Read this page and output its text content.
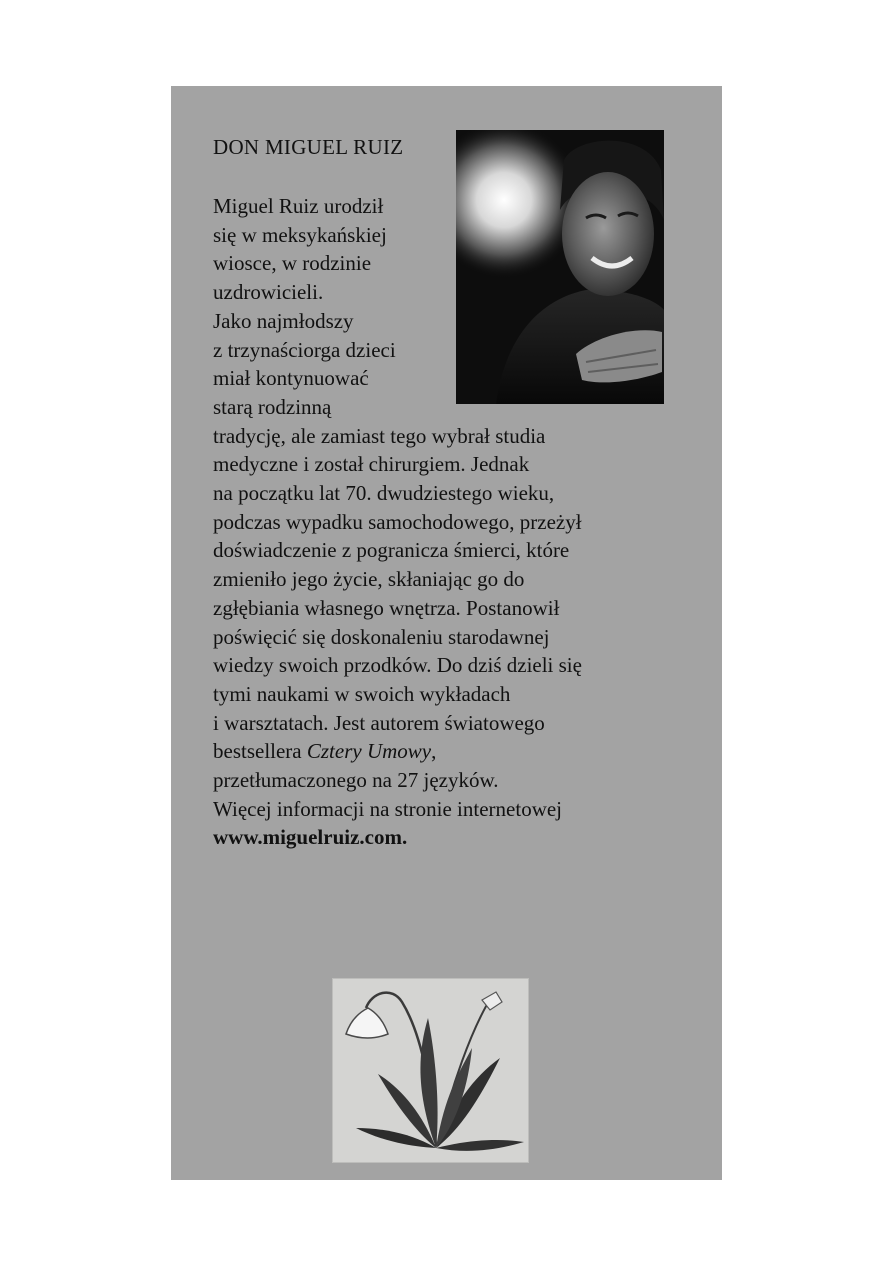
DON MIGUEL RUIZ

Miguel Ruiz urodził
się w meksykańskiej
wiosce, w rodzinie
uzdrowicieli.
Jako najmłodszy
z trzynaściorga dzieci
miał kontynuować
starą rodzinną
tradycję, ale zamiast tego wybrał studia
medyczne i został chirurgiem. Jednak
na początku lat 70. dwudziestego wieku,
podczas wypadku samochodowego, przeżył
doświadczenie z pogranicza śmierci, które
zmieniło jego życie, skłaniając go do
zgłębiania własnego wnętrza. Postanowił
poświęcić się doskonaleniu starodawnej
wiedzy swoich przodków. Do dziś dzieli się
tymi naukami w swoich wykładach
i warsztatach. Jest autorem światowego
bestsellera Cztery Umowy,
przetłumaczonego na 27 języków.
Więcej informacji na stronie internetowej
www.miguelruiz.com.
